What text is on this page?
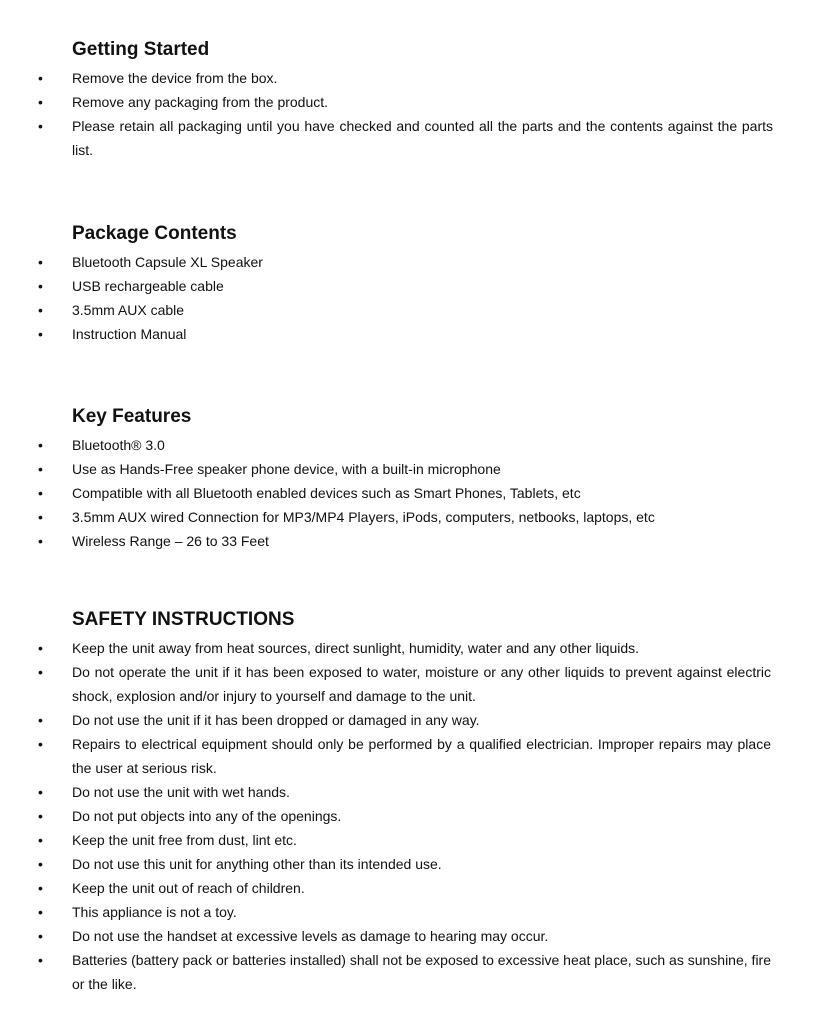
Getting Started
• Remove the device from the box.
• Remove any packaging from the product.
• Please retain all packaging until you have checked and counted all the parts and the contents against the parts list.
Package Contents
• Bluetooth Capsule XL Speaker
• USB rechargeable cable
• 3.5mm AUX cable
• Instruction Manual
Key Features
• Bluetooth® 3.0
• Use as Hands-Free speaker phone device, with a built-in microphone
• Compatible with all Bluetooth enabled devices such as Smart Phones, Tablets, etc
• 3.5mm AUX wired Connection for MP3/MP4 Players, iPods, computers, netbooks, laptops, etc
• Wireless Range – 26 to 33 Feet
SAFETY INSTRUCTIONS
• Keep the unit away from heat sources, direct sunlight, humidity, water and any other liquids.
• Do not operate the unit if it has been exposed to water, moisture or any other liquids to prevent against electric shock, explosion and/or injury to yourself and damage to the unit.
• Do not use the unit if it has been dropped or damaged in any way.
• Repairs to electrical equipment should only be performed by a qualified electrician. Improper repairs may place the user at serious risk.
• Do not use the unit with wet hands.
• Do not put objects into any of the openings.
• Keep the unit free from dust, lint etc.
• Do not use this unit for anything other than its intended use.
• Keep the unit out of reach of children.
• This appliance is not a toy.
• Do not use the handset at excessive levels as damage to hearing may occur.
• Batteries (battery pack or batteries installed) shall not be exposed to excessive heat place, such as sunshine, fire or the like.
